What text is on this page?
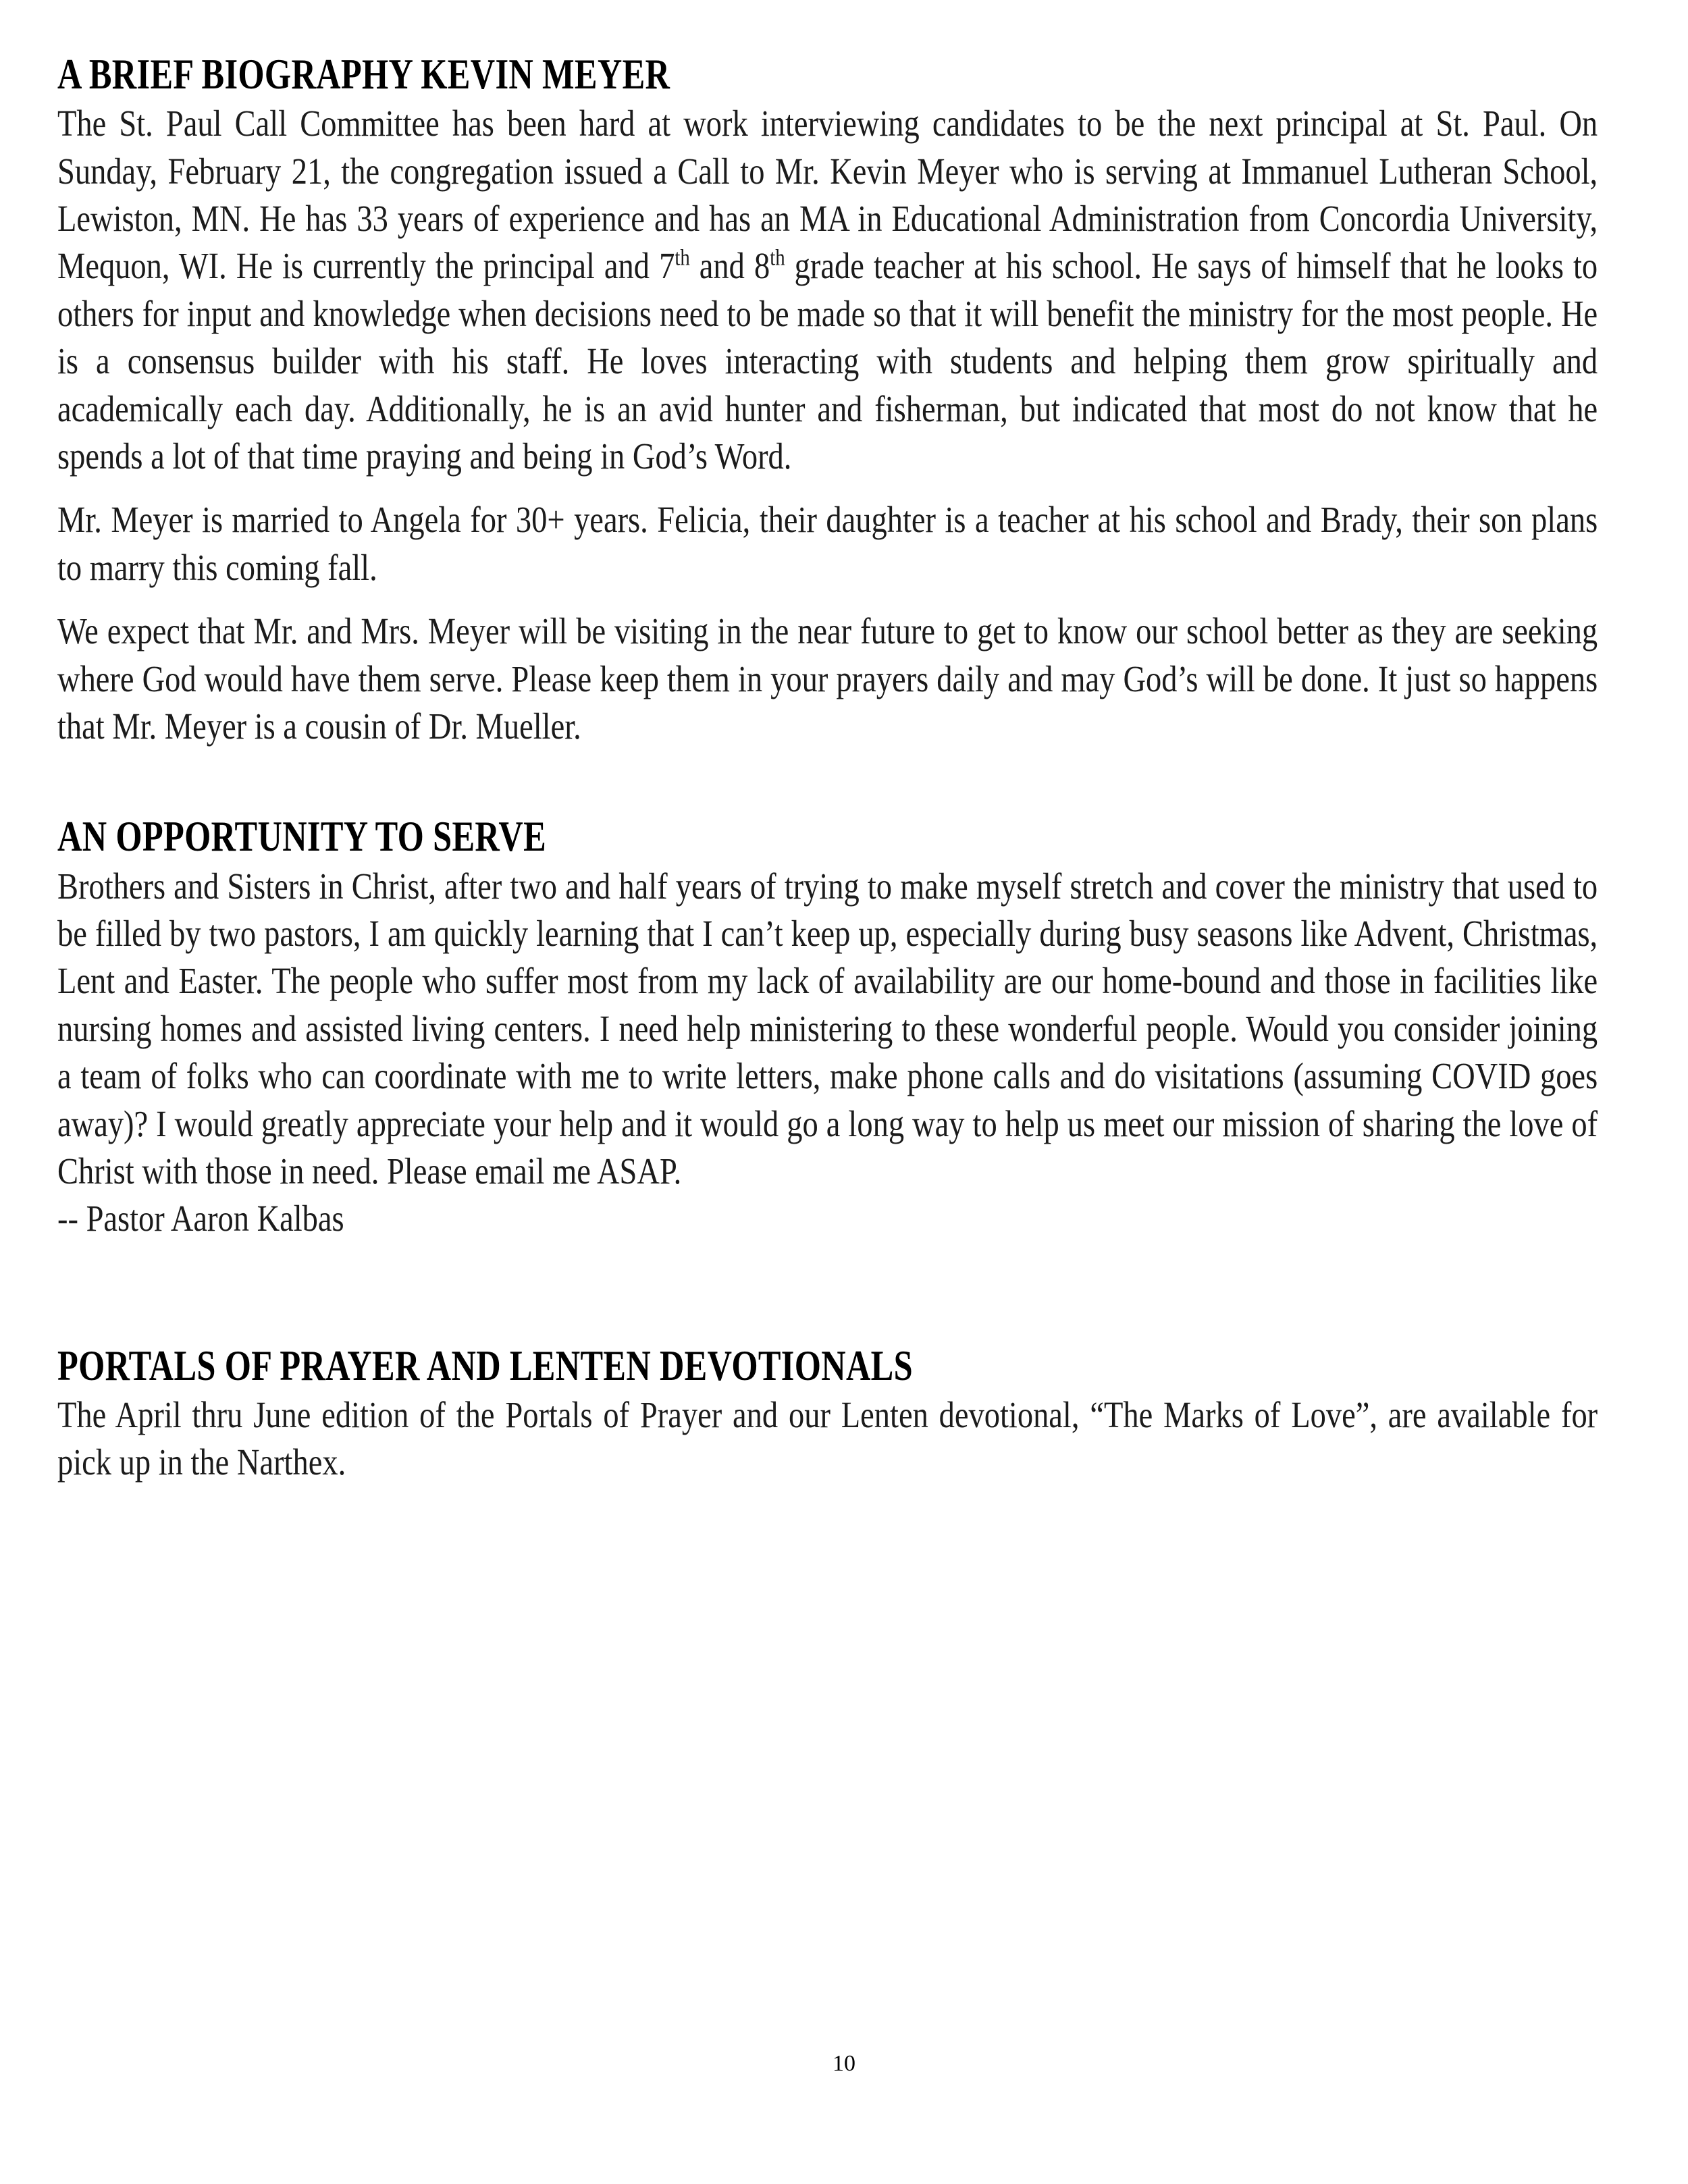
A BRIEF BIOGRAPHY KEVIN MEYER

The St. Paul Call Committee has been hard at work interviewing candidates to be the next principal at St. Paul. On Sunday, February 21, the congregation issued a Call to Mr. Kevin Meyer who is serving at Immanuel Lutheran School, Lewiston, MN. He has 33 years of experience and has an MA in Educational Administration from Concordia University, Mequon, WI. He is currently the principal and 7th and 8th grade teacher at his school. He says of himself that he looks to others for input and knowledge when decisions need to be made so that it will benefit the ministry for the most people. He is a consensus builder with his staff. He loves interacting with students and helping them grow spiritually and academically each day. Additionally, he is an avid hunter and fisherman, but indicated that most do not know that he spends a lot of that time praying and being in God’s Word.

Mr. Meyer is married to Angela for 30+ years. Felicia, their daughter is a teacher at his school and Brady, their son plans to marry this coming fall.

We expect that Mr. and Mrs. Meyer will be visiting in the near future to get to know our school better as they are seeking where God would have them serve. Please keep them in your prayers daily and may God’s will be done. It just so happens that Mr. Meyer is a cousin of Dr. Mueller.

AN OPPORTUNITY TO SERVE

Brothers and Sisters in Christ, after two and half years of trying to make myself stretch and cover the ministry that used to be filled by two pastors, I am quickly learning that I can’t keep up, especially during busy seasons like Advent, Christmas, Lent and Easter. The people who suffer most from my lack of availability are our home-bound and those in facilities like nursing homes and assisted living centers. I need help ministering to these wonderful people. Would you consider joining a team of folks who can coordinate with me to write letters, make phone calls and do visitations (assuming COVID goes away)? I would greatly appreciate your help and it would go a long way to help us meet our mission of sharing the love of Christ with those in need. Please email me ASAP.

-- Pastor Aaron Kalbas

PORTALS OF PRAYER AND LENTEN DEVOTIONALS

The April thru June edition of the Portals of Prayer and our Lenten devotional, “The Marks of Love”, are available for pick up in the Narthex.

10
